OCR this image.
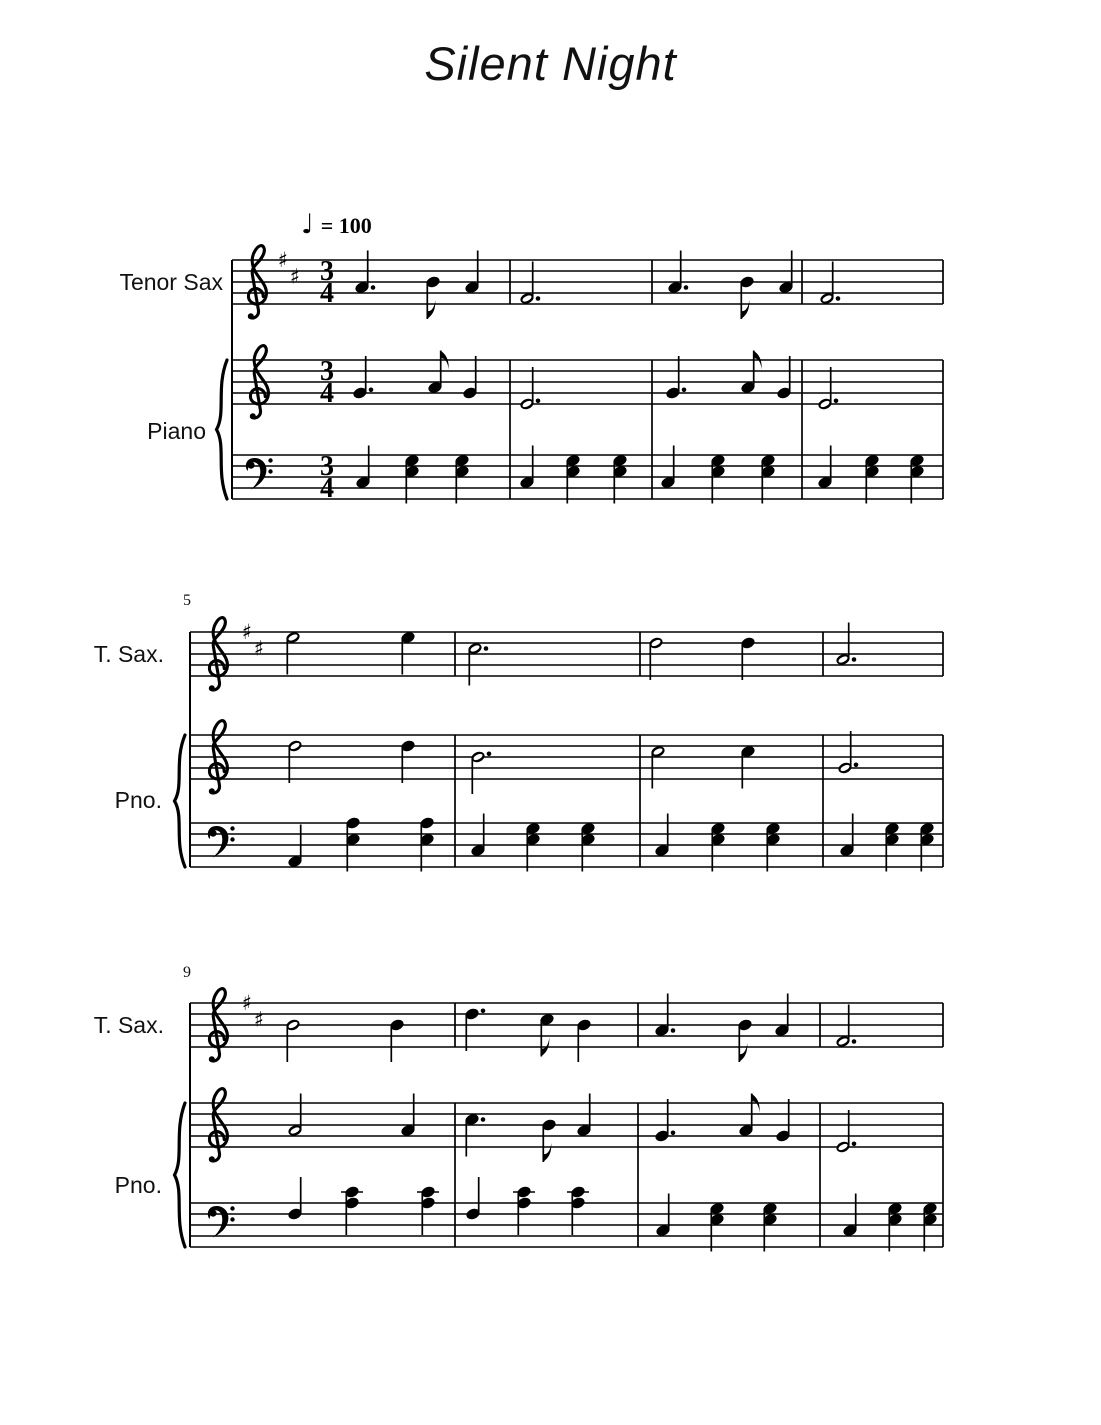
♯
♯ 3
4
3
4
3
4
♯
♯
♯
♯
Silent Night
♩ = 100
Tenor Sax
Piano
5
T. Sax.
Pno.
9
T. Sax.
Pno.
